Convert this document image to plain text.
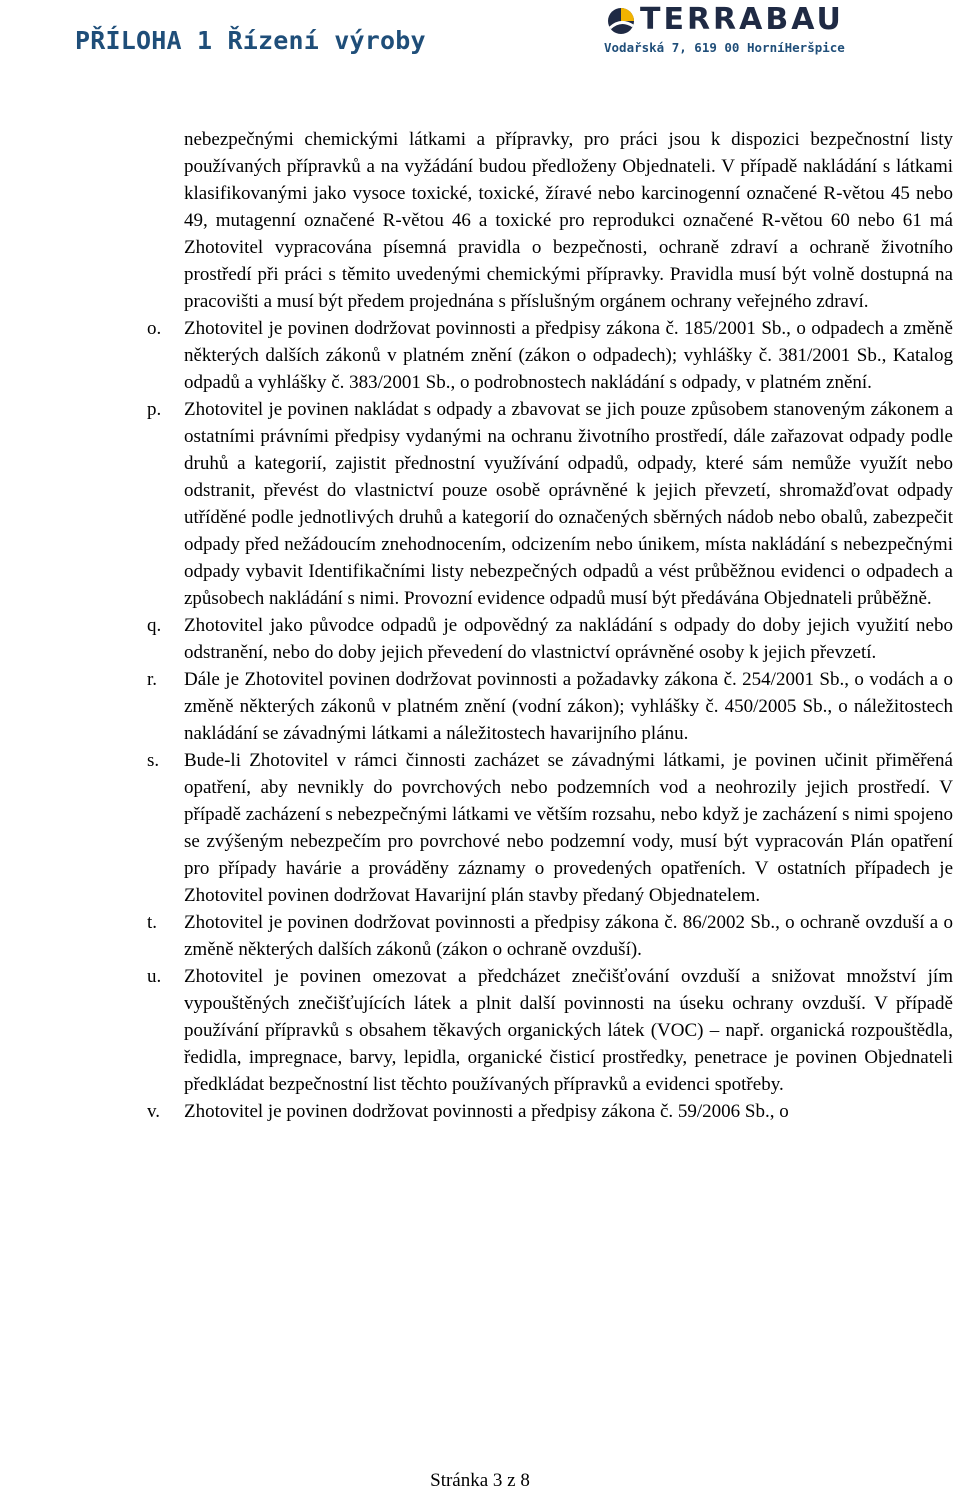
PŘÍLOHA 1 Řízení výroby
TERRABAU
Vodařská 7, 619 00 HorníHeršpice

nebezpečnými chemickými látkami a přípravky, pro práci jsou k dispozici bezpečnostní listy používaných přípravků a na vyžádání budou předloženy Objednateli. V případě nakládání s látkami klasifikovanými jako vysoce toxické, toxické, žíravé nebo karcinogenní označené R-větou 45 nebo 49, mutagenní označené R-větou 46 a toxické pro reprodukci označené R-větou 60 nebo 61 má Zhotovitel vypracována písemná pravidla o bezpečnosti, ochraně zdraví a ochraně životního prostředí při práci s těmito uvedenými chemickými přípravky. Pravidla musí být volně dostupná na pracovišti a musí být předem projednána s příslušným orgánem ochrany veřejného zdraví.

o. Zhotovitel je povinen dodržovat povinnosti a předpisy zákona č. 185/2001 Sb., o odpadech a změně některých dalších zákonů v platném znění (zákon o odpadech); vyhlášky č. 381/2001 Sb., Katalog odpadů a vyhlášky č. 383/2001 Sb., o podrobnostech nakládání s odpady, v platném znění.

p. Zhotovitel je povinen nakládat s odpady a zbavovat se jich pouze způsobem stanoveným zákonem a ostatními právními předpisy vydanými na ochranu životního prostředí, dále zařazovat odpady podle druhů a kategorií, zajistit přednostní využívání odpadů, odpady, které sám nemůže využít nebo odstranit, převést do vlastnictví pouze osobě oprávněné k jejich převzetí, shromažďovat odpady utříděné podle jednotlivých druhů a kategorií do označených sběrných nádob nebo obalů, zabezpečit odpady před nežádoucím znehodnocením, odcizením nebo únikem, místa nakládání s nebezpečnými odpady vybavit Identifikačními listy nebezpečných odpadů a vést průběžnou evidenci o odpadech a způsobech nakládání s nimi. Provozní evidence odpadů musí být předávána Objednateli průběžně.

q. Zhotovitel jako původce odpadů je odpovědný za nakládání s odpady do doby jejich využití nebo odstranění, nebo do doby jejich převedení do vlastnictví oprávněné osoby k jejich převzetí.

r. Dále je Zhotovitel povinen dodržovat povinnosti a požadavky zákona č. 254/2001 Sb., o vodách a o změně některých zákonů v platném znění (vodní zákon); vyhlášky č. 450/2005 Sb., o náležitostech nakládání se závadnými látkami a náležitostech havarijního plánu.

s. Bude-li Zhotovitel v rámci činnosti zacházet se závadnými látkami, je povinen učinit přiměřená opatření, aby nevnikly do povrchových nebo podzemních vod a neohrozily jejich prostředí. V případě zacházení s nebezpečnými látkami ve větším rozsahu, nebo když je zacházení s nimi spojeno se zvýšeným nebezpečím pro povrchové nebo podzemní vody, musí být vypracován Plán opatření pro případy havárie a prováděny záznamy o provedených opatřeních. V ostatních případech je Zhotovitel povinen dodržovat Havarijní plán stavby předaný Objednatelem.

t. Zhotovitel je povinen dodržovat povinnosti a předpisy zákona č. 86/2002 Sb., o ochraně ovzduší a o změně některých dalších zákonů (zákon o ochraně ovzduší).

u. Zhotovitel je povinen omezovat a předcházet znečišťování ovzduší a snižovat množství jím vypouštěných znečišťujících látek a plnit další povinnosti na úseku ochrany ovzduší. V případě používání přípravků s obsahem těkavých organických látek (VOC) – např. organická rozpouštědla, ředidla, impregnace, barvy, lepidla, organické čisticí prostředky, penetrace je povinen Objednateli předkládat bezpečnostní list těchto používaných přípravků a evidenci spotřeby.

v. Zhotovitel je povinen dodržovat povinnosti a předpisy zákona č. 59/2006 Sb., o

Stránka 3 z 8
